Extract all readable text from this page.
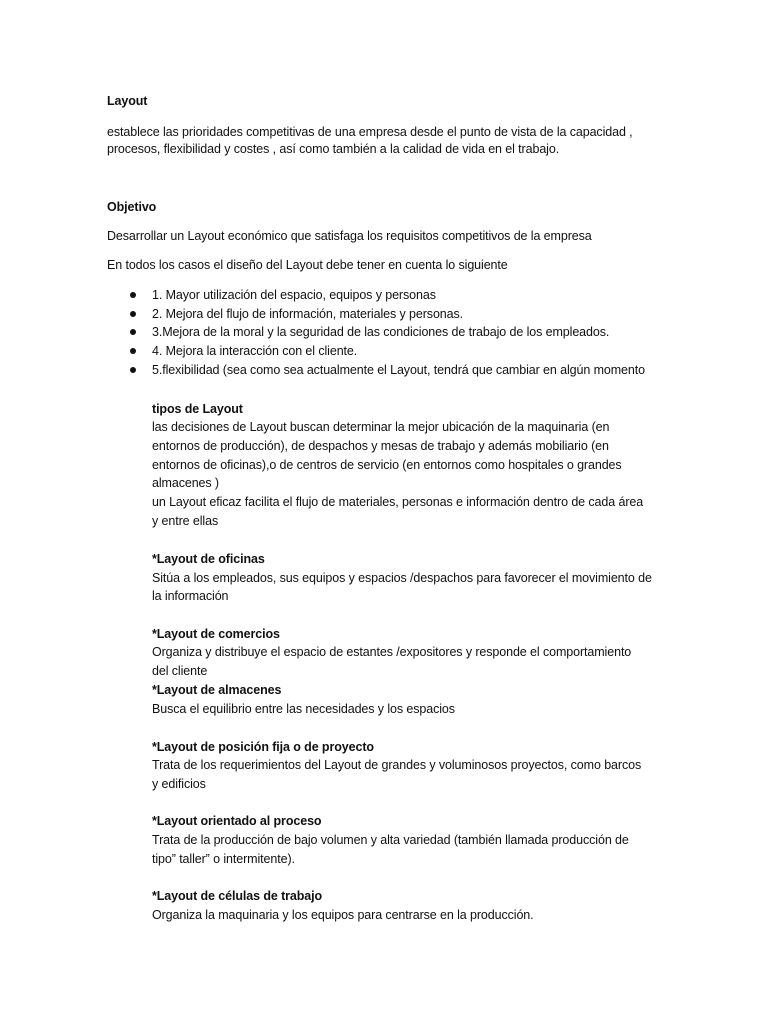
Layout
establece las prioridades competitivas de una empresa desde el punto de vista de la capacidad ,
procesos, flexibilidad y costes , así como también a la calidad de vida en el trabajo.
Objetivo
Desarrollar un Layout económico que satisfaga los requisitos competitivos de la empresa
En todos los casos el diseño del Layout debe tener en cuenta lo siguiente
1. Mayor utilización del espacio, equipos y personas
2. Mejora del flujo de información, materiales y personas.
3.Mejora de la moral y la seguridad de las condiciones de trabajo de los empleados.
4. Mejora la interacción con el cliente.
5.flexibilidad (sea como sea actualmente el Layout, tendrá que cambiar en algún momento
tipos de Layout
las decisiones de Layout buscan determinar la mejor ubicación de la maquinaria (en
entornos de producción), de despachos y mesas de trabajo y además mobiliario (en
entornos de oficinas),o de centros de servicio (en entornos como hospitales o grandes
almacenes )
un Layout eficaz facilita el flujo de materiales, personas e información dentro de cada área
y entre ellas
*Layout de oficinas
Sitúa a los empleados, sus equipos y espacios /despachos para favorecer el movimiento de
la información
*Layout de comercios
Organiza y distribuye el espacio de estantes /expositores y responde el comportamiento
del cliente
*Layout de almacenes
Busca el equilibrio entre las necesidades y los espacios
*Layout de posición fija o de proyecto
Trata de los requerimientos del Layout de grandes y voluminosos proyectos, como barcos
y edificios
*Layout orientado al proceso
Trata de la producción de bajo volumen y alta variedad (también llamada producción de
tipo” taller” o intermitente).
*Layout de células de trabajo
Organiza la maquinaria y los equipos para centrarse en la producción.
